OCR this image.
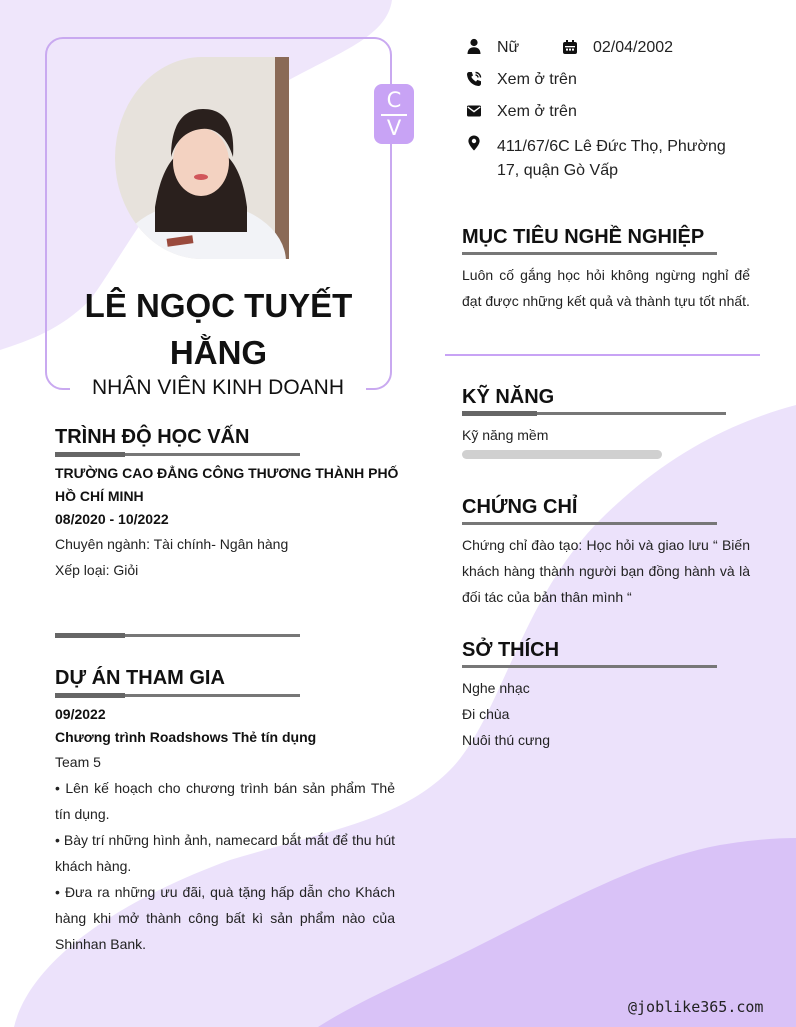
C
V
LÊ NGỌC TUYẾT HẰNG
NHÂN VIÊN KINH DOANH
Nữ	02/04/2002
Xem ở trên
Xem ở trên
411/67/6C Lê Đức Thọ, Phường 17, quận Gò Vấp
MỤC TIÊU NGHỀ NGHIỆP
Luôn cố gắng học hỏi không ngừng nghỉ để đạt được những kết quả và thành tựu tốt nhất.
KỸ NĂNG
Kỹ năng mềm
CHỨNG CHỈ
Chứng chỉ đào tạo: Học hỏi và giao lưu “ Biến khách hàng thành người bạn đồng hành và là đối tác của bản thân mình “
SỞ THÍCH
Nghe nhạc
Đi chùa
Nuôi thú cưng
TRÌNH ĐỘ HỌC VẤN
TRƯỜNG CAO ĐẲNG CÔNG THƯƠNG THÀNH PHỐ HỒ CHÍ MINH
08/2020 - 10/2022
Chuyên ngành: Tài chính- Ngân hàng
Xếp loại: Giỏi
DỰ ÁN THAM GIA
09/2022
Chương trình Roadshows Thẻ tín dụng
Team 5
• Lên kế hoạch cho chương trình bán sản phẩm Thẻ tín dụng.
• Bày trí những hình ảnh, namecard bắt mắt để thu hút khách hàng.
• Đưa ra những ưu đãi, quà tặng hấp dẫn cho Khách hàng khi mở thành công bất kì sản phẩm nào của Shinhan Bank.
@joblike365.com
